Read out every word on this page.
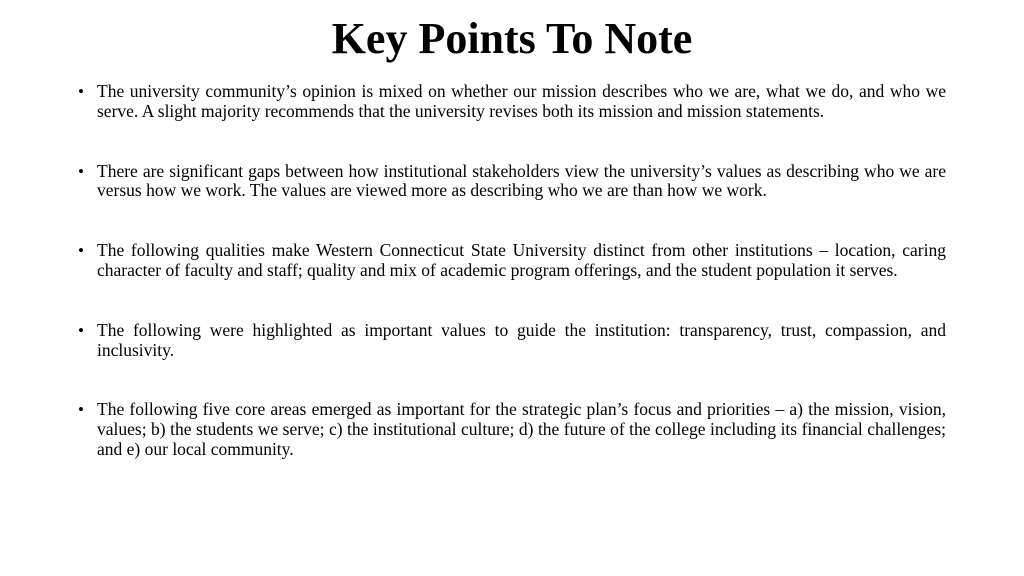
Key Points To Note
• The university community’s opinion is mixed on whether our mission describes who we are, what we do, and who we serve. A slight majority recommends that the university revises both its mission and mission statements.
• There are significant gaps between how institutional stakeholders view the university’s values as describing who we are versus how we work. The values are viewed more as describing who we are than how we work.
• The following qualities make Western Connecticut State University distinct from other institutions – location, caring character of faculty and staff; quality and mix of academic program offerings, and the student population it serves.
• The following were highlighted as important values to guide the institution: transparency, trust, compassion, and inclusivity.
• The following five core areas emerged as important for the strategic plan’s focus and priorities – a) the mission, vision, values; b) the students we serve; c) the institutional culture; d) the future of the college including its financial challenges; and e) our local community.
